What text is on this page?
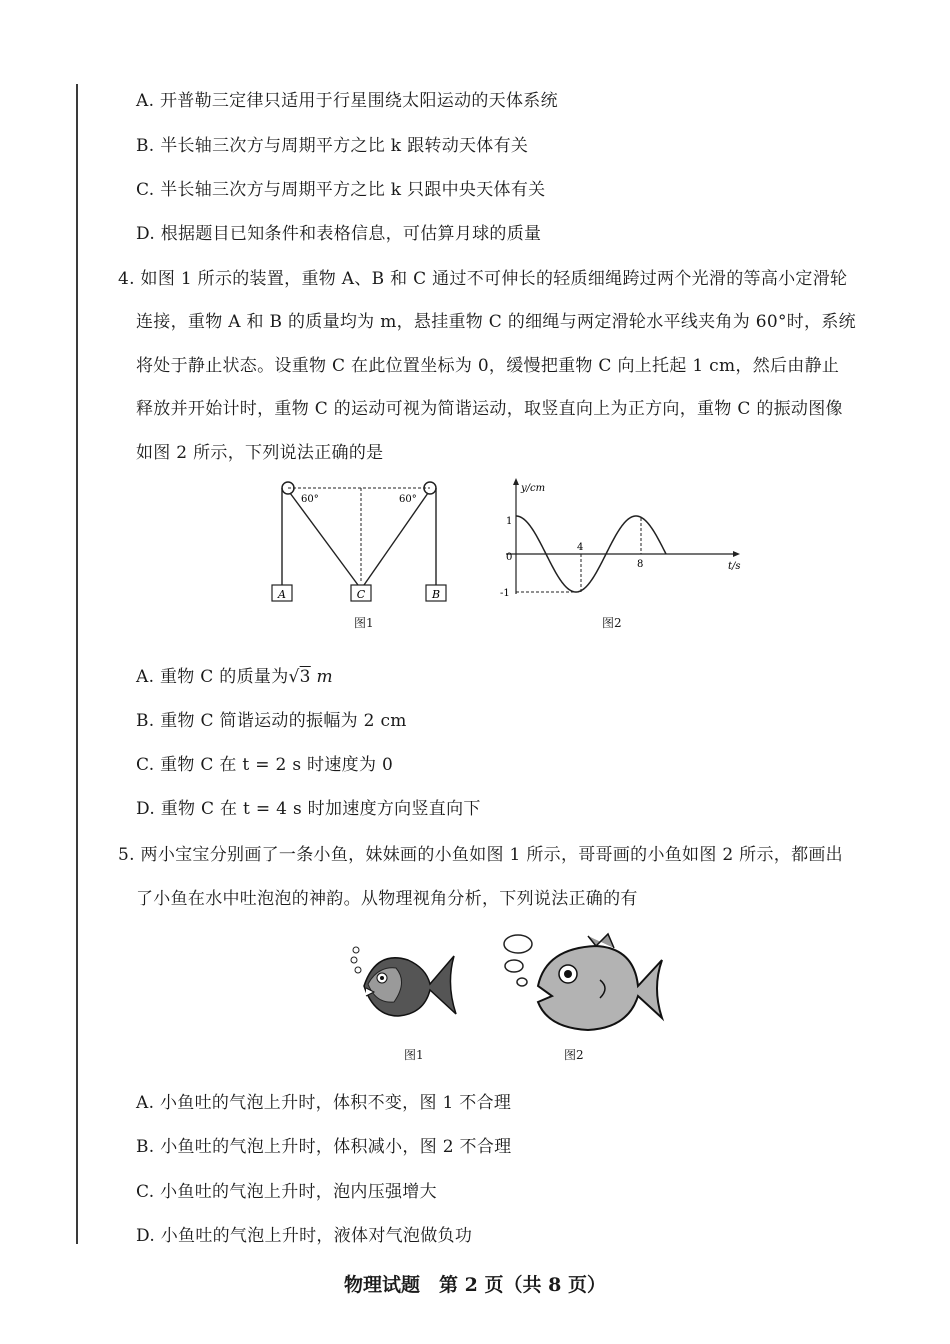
A. 开普勒三定律只适用于行星围绕太阳运动的天体系统
B. 半长轴三次方与周期平方之比 k 跟转动天体有关
C. 半长轴三次方与周期平方之比 k 只跟中央天体有关
D. 根据题目已知条件和表格信息，可估算月球的质量
4. 如图 1 所示的装置，重物 A、B 和 C 通过不可伸长的轻质细绳跨过两个光滑的等高小定滑轮
连接，重物 A 和 B 的质量均为 m，悬挂重物 C 的细绳与两定滑轮水平线夹角为 60°时，系统
将处于静止状态。设重物 C 在此位置坐标为 0，缓慢把重物 C 向上托起 1 cm，然后由静止
释放并开始计时，重物 C 的运动可视为简谐运动，取竖直向上为正方向，重物 C 的振动图像
如图 2 所示，下列说法正确的是
A	C	B
60°	60°
图1
y/cm
t/s
1
0
-1
4
8
图2
A. 重物 C 的质量为√3 m
B. 重物 C 简谐运动的振幅为 2 cm
C. 重物 C 在 t = 2 s 时速度为 0
D. 重物 C 在 t = 4 s 时加速度方向竖直向下
5. 两小宝宝分别画了一条小鱼，妹妹画的小鱼如图 1 所示，哥哥画的小鱼如图 2 所示，都画出
了小鱼在水中吐泡泡的神韵。从物理视角分析，下列说法正确的有
图1	图2
A. 小鱼吐的气泡上升时，体积不变，图 1 不合理
B. 小鱼吐的气泡上升时，体积减小，图 2 不合理
C. 小鱼吐的气泡上升时，泡内压强增大
D. 小鱼吐的气泡上升时，液体对气泡做负功
物理试题　第 2 页（共 8 页）
